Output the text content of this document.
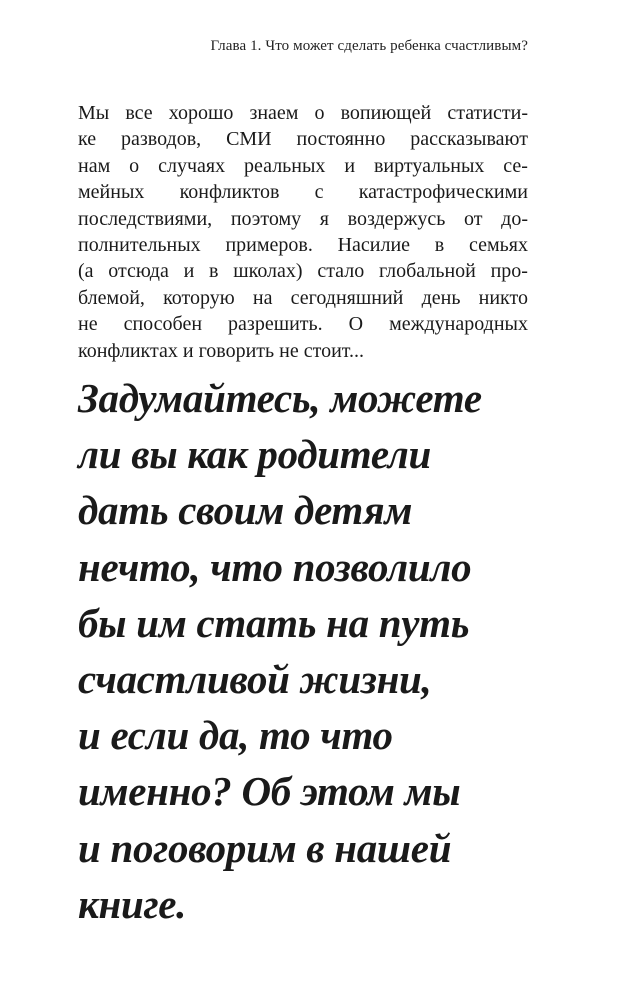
Глава 1. Что может сделать ребенка счастливым?
Мы все хорошо знаем о вопиющей статисти-
ке разводов, СМИ постоянно рассказывают
нам о случаях реальных и виртуальных се-
мейных конфликтов с катастрофическими
последствиями, поэтому я воздержусь от до-
полнительных примеров. Насилие в семьях
(а отсюда и в школах) стало глобальной про-
блемой, которую на сегодняшний день никто
не способен разрешить. О международных
конфликтах
и
говорить
не
стоит...
Задумайтесь, можете
ли вы как родители
дать своим детям
нечто, что позволило
бы им стать на путь
счастливой жизни,
и если да, то что
именно? Об этом мы
и поговорим в нашей
книге.
